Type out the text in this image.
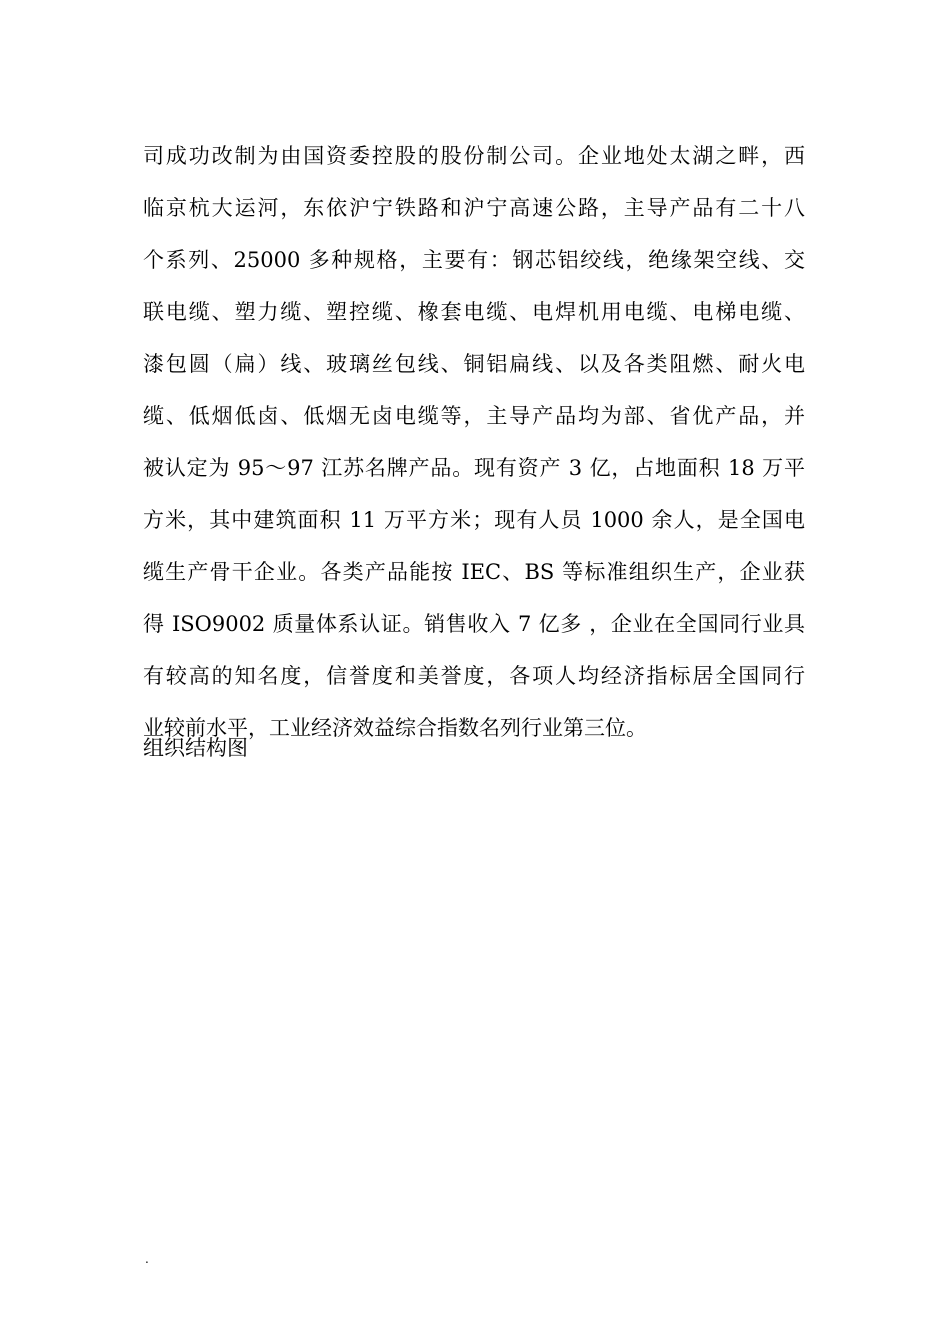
司成功改制为由国资委控股的股份制公司。企业地处太湖之畔，西
临京杭大运河，东依沪宁铁路和沪宁高速公路，主导产品有二十八
个系列、25000 多种规格，主要有：钢芯铝绞线，绝缘架空线、交
联电缆、塑力缆、塑控缆、橡套电缆、电焊机用电缆、电梯电缆、
漆包圆（扁）线、玻璃丝包线、铜铝扁线、以及各类阻燃、耐火电
缆、低烟低卤、低烟无卤电缆等，主导产品均为部、省优产品，并
被认定为 95～97 江苏名牌产品。现有资产 3 亿，占地面积 18 万平
方米，其中建筑面积 11 万平方米；现有人员 1000 余人，是全国电
缆生产骨干企业。各类产品能按 IEC、BS 等标准组织生产，企业获
得 ISO9002 质量体系认证。销售收入 7 亿多 ，企业在全国同行业具
有较高的知名度，信誉度和美誉度，各项人均经济指标居全国同行
业较前水平，工业经济效益综合指数名列行业第三位。
组织结构图
.
